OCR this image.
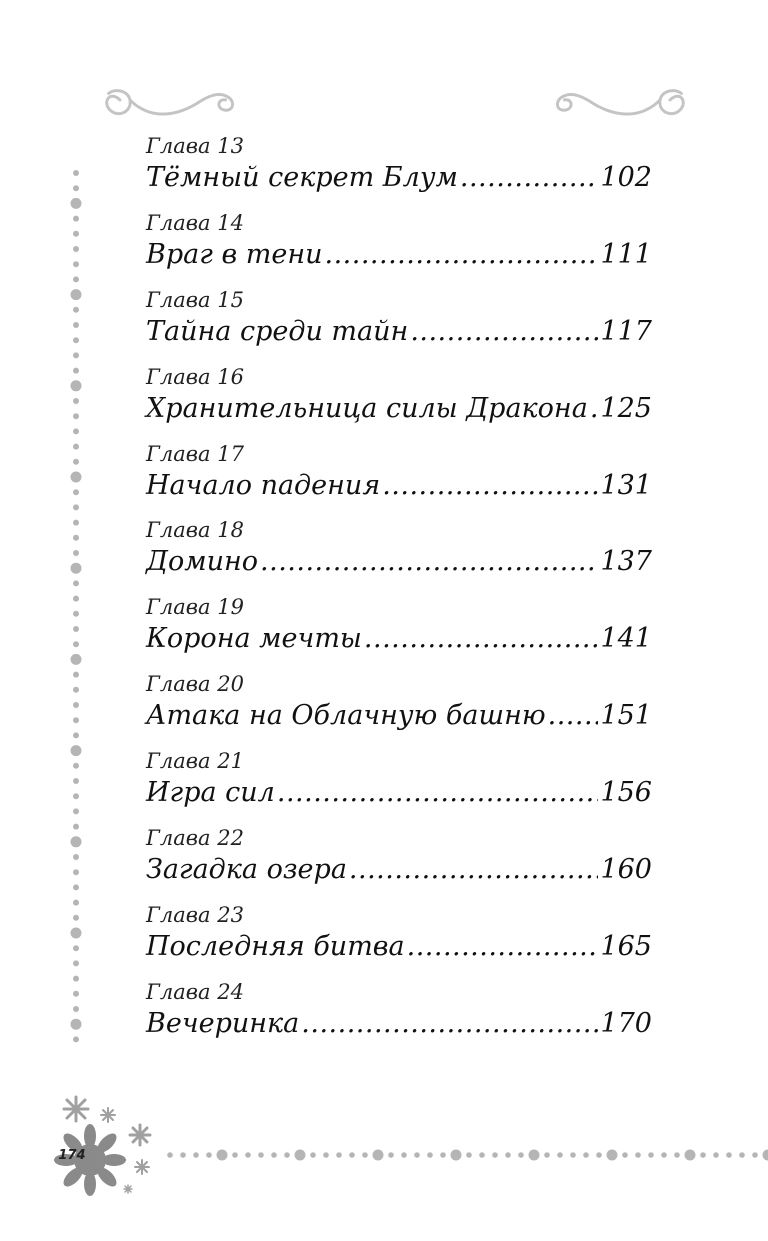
Глава 13
Тёмный секрет Блум .....	102
Глава 14
Враг в тени .....	111
Глава 15
Тайна среди тайн .....	117
Глава 16
Хранительница силы Дракона ..... 125
Глава 17
Начало падения .....	131
Глава 18
Домино .....	137
Глава 19
Корона мечты .....	141
Глава 20
Атака на Облачную башню ..... 151
Глава 21
Игра сил .....	156
Глава 22
Загадка озера .....	160
Глава 23
Последняя битва .....	165
Глава 24
Вечеринка .....	170
174
